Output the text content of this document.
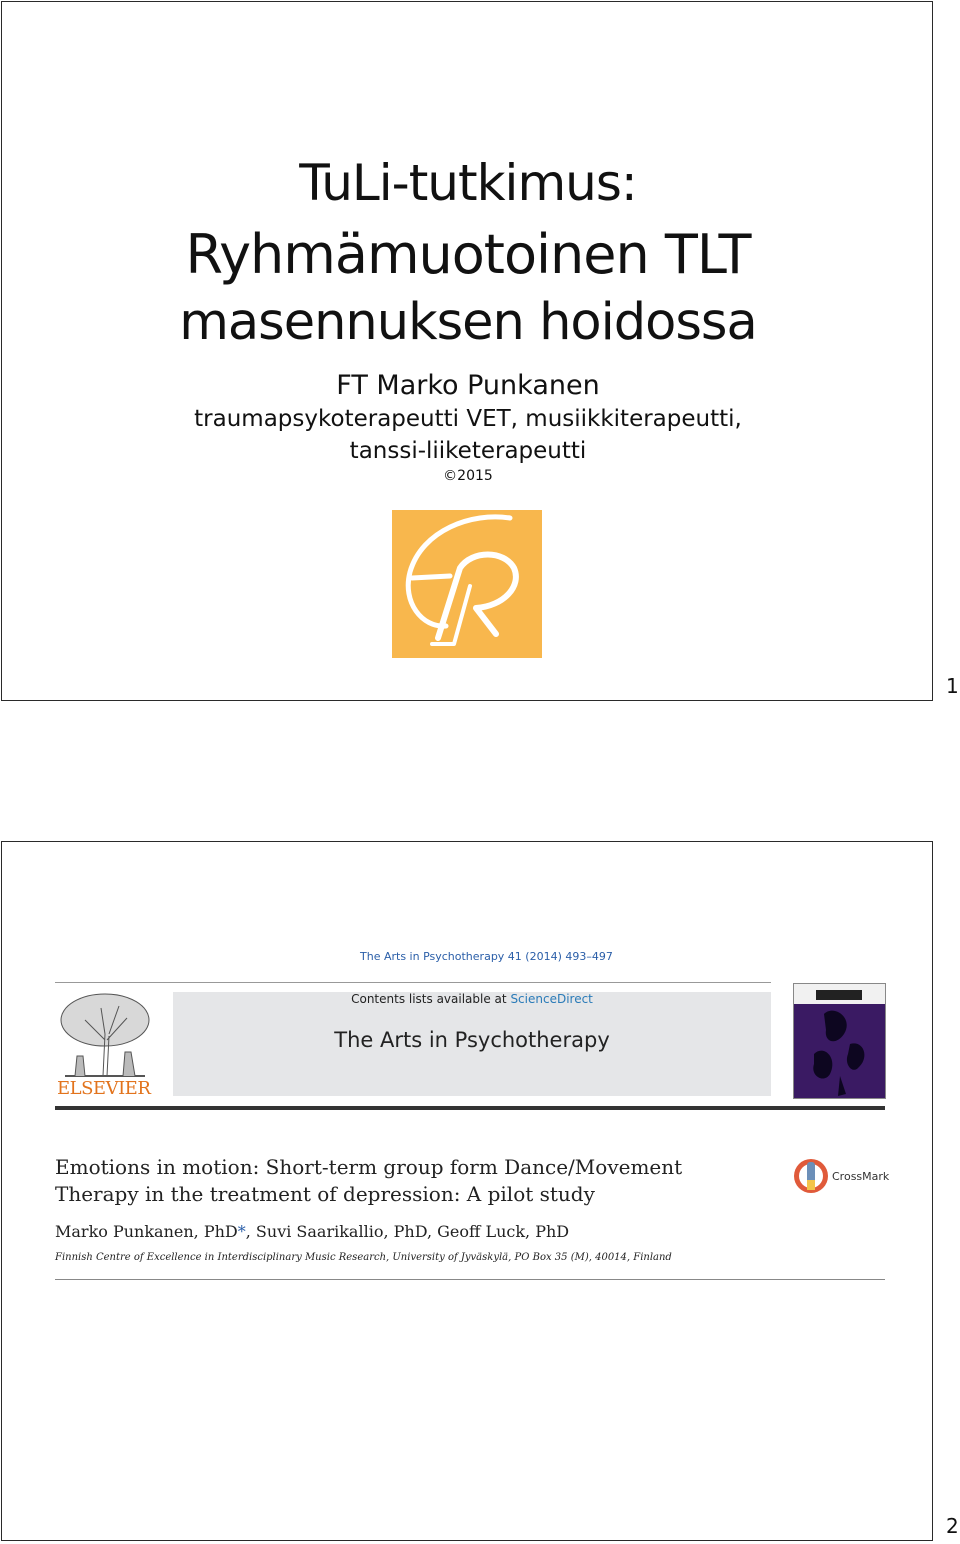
TuLi-tutkimus:
Ryhmämuotoinen TLT
masennuksen hoidossa
FT Marko Punkanen
traumapsykoterapeutti VET, musiikkiterapeutti,
tanssi-liiketerapeutti
©2015
1
The Arts in Psychotherapy 41 (2014) 493–497
ELSEVIER
Contents lists available at ScienceDirect
The Arts in Psychotherapy
Emotions in motion: Short-term group form Dance/Movement
Therapy in the treatment of depression: A pilot study
CrossMark
Marko Punkanen, PhD*, Suvi Saarikallio, PhD, Geoff Luck, PhD
Finnish Centre of Excellence in Interdisciplinary Music Research, University of Jyväskylä, PO Box 35 (M), 40014, Finland
2
